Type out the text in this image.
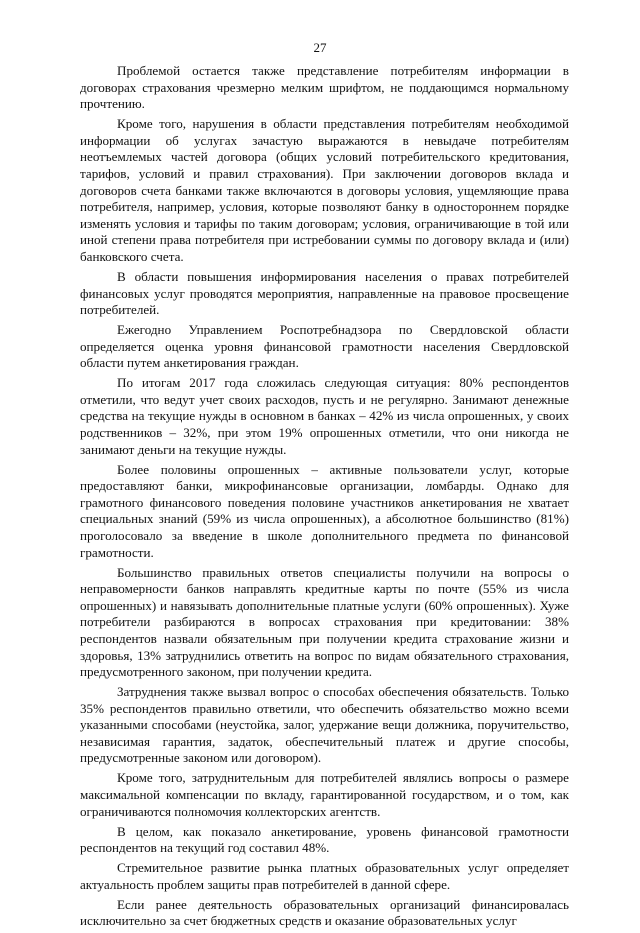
27

Проблемой остается также представление потребителям информации в договорах страхования чрезмерно мелким шрифтом, не поддающимся нормальному прочтению.

Кроме того, нарушения в области представления потребителям необходимой информации об услугах зачастую выражаются в невыдаче потребителям неотъемлемых частей договора (общих условий потребительского кредитования, тарифов, условий и правил страхования). При заключении договоров вклада и договоров счета банками также включаются в договоры условия, ущемляющие права потребителя, например, условия, которые позволяют банку в одностороннем порядке изменять условия и тарифы по таким договорам; условия, ограничивающие в той или иной степени права потребителя при истребовании суммы по договору вклада и (или) банковского счета.

В области повышения информирования населения о правах потребителей финансовых услуг проводятся мероприятия, направленные на правовое просвещение потребителей.

Ежегодно Управлением Роспотребнадзора по Свердловской области определяется оценка уровня финансовой грамотности населения Свердловской области путем анкетирования граждан.

По итогам 2017 года сложилась следующая ситуация: 80% респондентов отметили, что ведут учет своих расходов, пусть и не регулярно. Занимают денежные средства на текущие нужды в основном в банках – 42% из числа опрошенных, у своих родственников – 32%, при этом 19% опрошенных отметили, что они никогда не занимают деньги на текущие нужды.

Более половины опрошенных – активные пользователи услуг, которые предоставляют банки, микрофинансовые организации, ломбарды. Однако для грамотного финансового поведения половине участников анкетирования не хватает специальных знаний (59% из числа опрошенных), а абсолютное большинство (81%) проголосовало за введение в школе дополнительного предмета по финансовой грамотности.

Большинство правильных ответов специалисты получили на вопросы о неправомерности банков направлять кредитные карты по почте (55% из числа опрошенных) и навязывать дополнительные платные услуги (60% опрошенных). Хуже потребители разбираются в вопросах страхования при кредитовании: 38% респондентов назвали обязательным при получении кредита страхование жизни и здоровья, 13% затруднились ответить на вопрос по видам обязательного страхования, предусмотренного законом, при получении кредита.

Затруднения также вызвал вопрос о способах обеспечения обязательств. Только 35% респондентов правильно ответили, что обеспечить обязательство можно всеми указанными способами (неустойка, залог, удержание вещи должника, поручительство, независимая гарантия, задаток, обеспечительный платеж и другие способы, предусмотренные законом или договором).

Кроме того, затруднительным для потребителей являлись вопросы о размере максимальной компенсации по вкладу, гарантированной государством, и о том, как ограничиваются полномочия коллекторских агентств.

В целом, как показало анкетирование, уровень финансовой грамотности респондентов на текущий год составил 48%.

Стремительное развитие рынка платных образовательных услуг определяет актуальность проблем защиты прав потребителей в данной сфере.

Если ранее деятельность образовательных организаций финансировалась исключительно за счет бюджетных средств и оказание образовательных услуг
